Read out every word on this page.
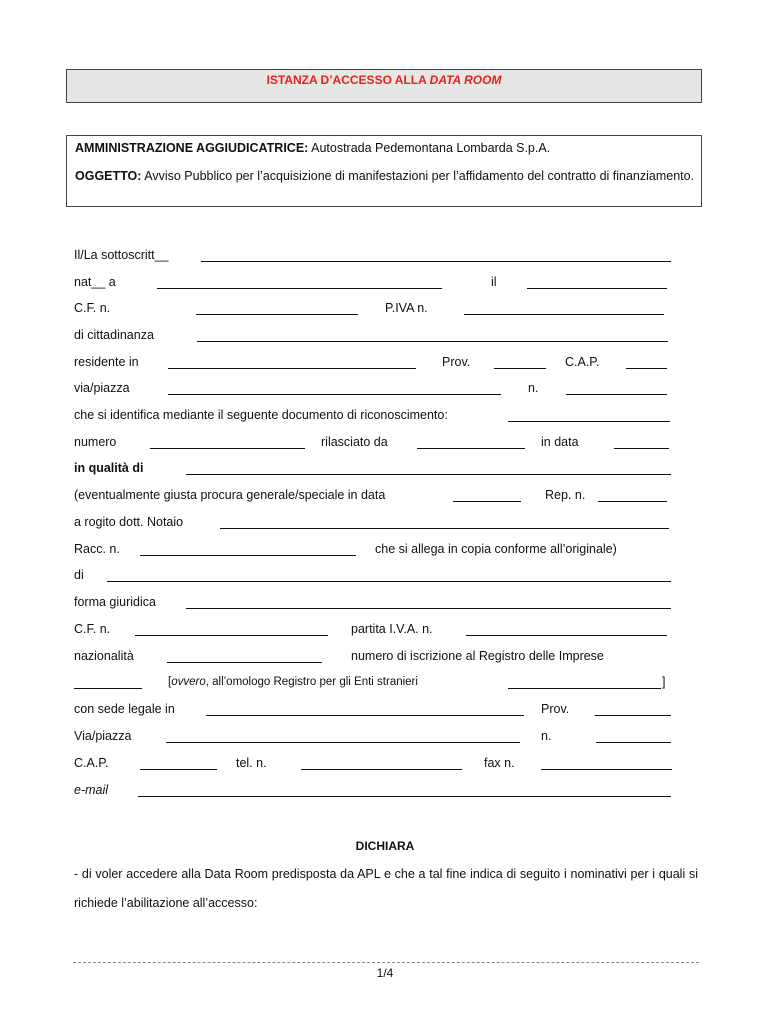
ISTANZA D’ACCESSO ALLA DATA ROOM

AMMINISTRAZIONE AGGIUDICATRICE: Autostrada Pedemontana Lombarda S.p.A.

OGGETTO: Avviso Pubblico per l’acquisizione di manifestazioni per l’affidamento del contratto di finanziamento.

Il/La sottoscritt__
nat__ a	il
C.F. n.	P.IVA n.
di cittadinanza
residente in	Prov.	C.A.P.
via/piazza	n.
che si identifica mediante il seguente documento di riconoscimento:
numero	rilasciato da	in data
in qualità di
(eventualmente giusta procura generale/speciale in data	Rep. n.
a rogito dott. Notaio
Racc. n.	che si allega in copia conforme all’originale)
di
forma giuridica
C.F. n.	partita I.V.A. n.
nazionalità	numero di iscrizione al Registro delle Imprese
[ovvero, all’omologo Registro per gli Enti stranieri	]
con sede legale in	Prov.
Via/piazza	n.
C.A.P.	tel. n.	fax n.
e-mail
DICHIARA
- di voler accedere alla Data Room predisposta da APL e che a tal fine indica di seguito i nominativi per i quali si richiede l’abilitazione all’accesso:
1/4
